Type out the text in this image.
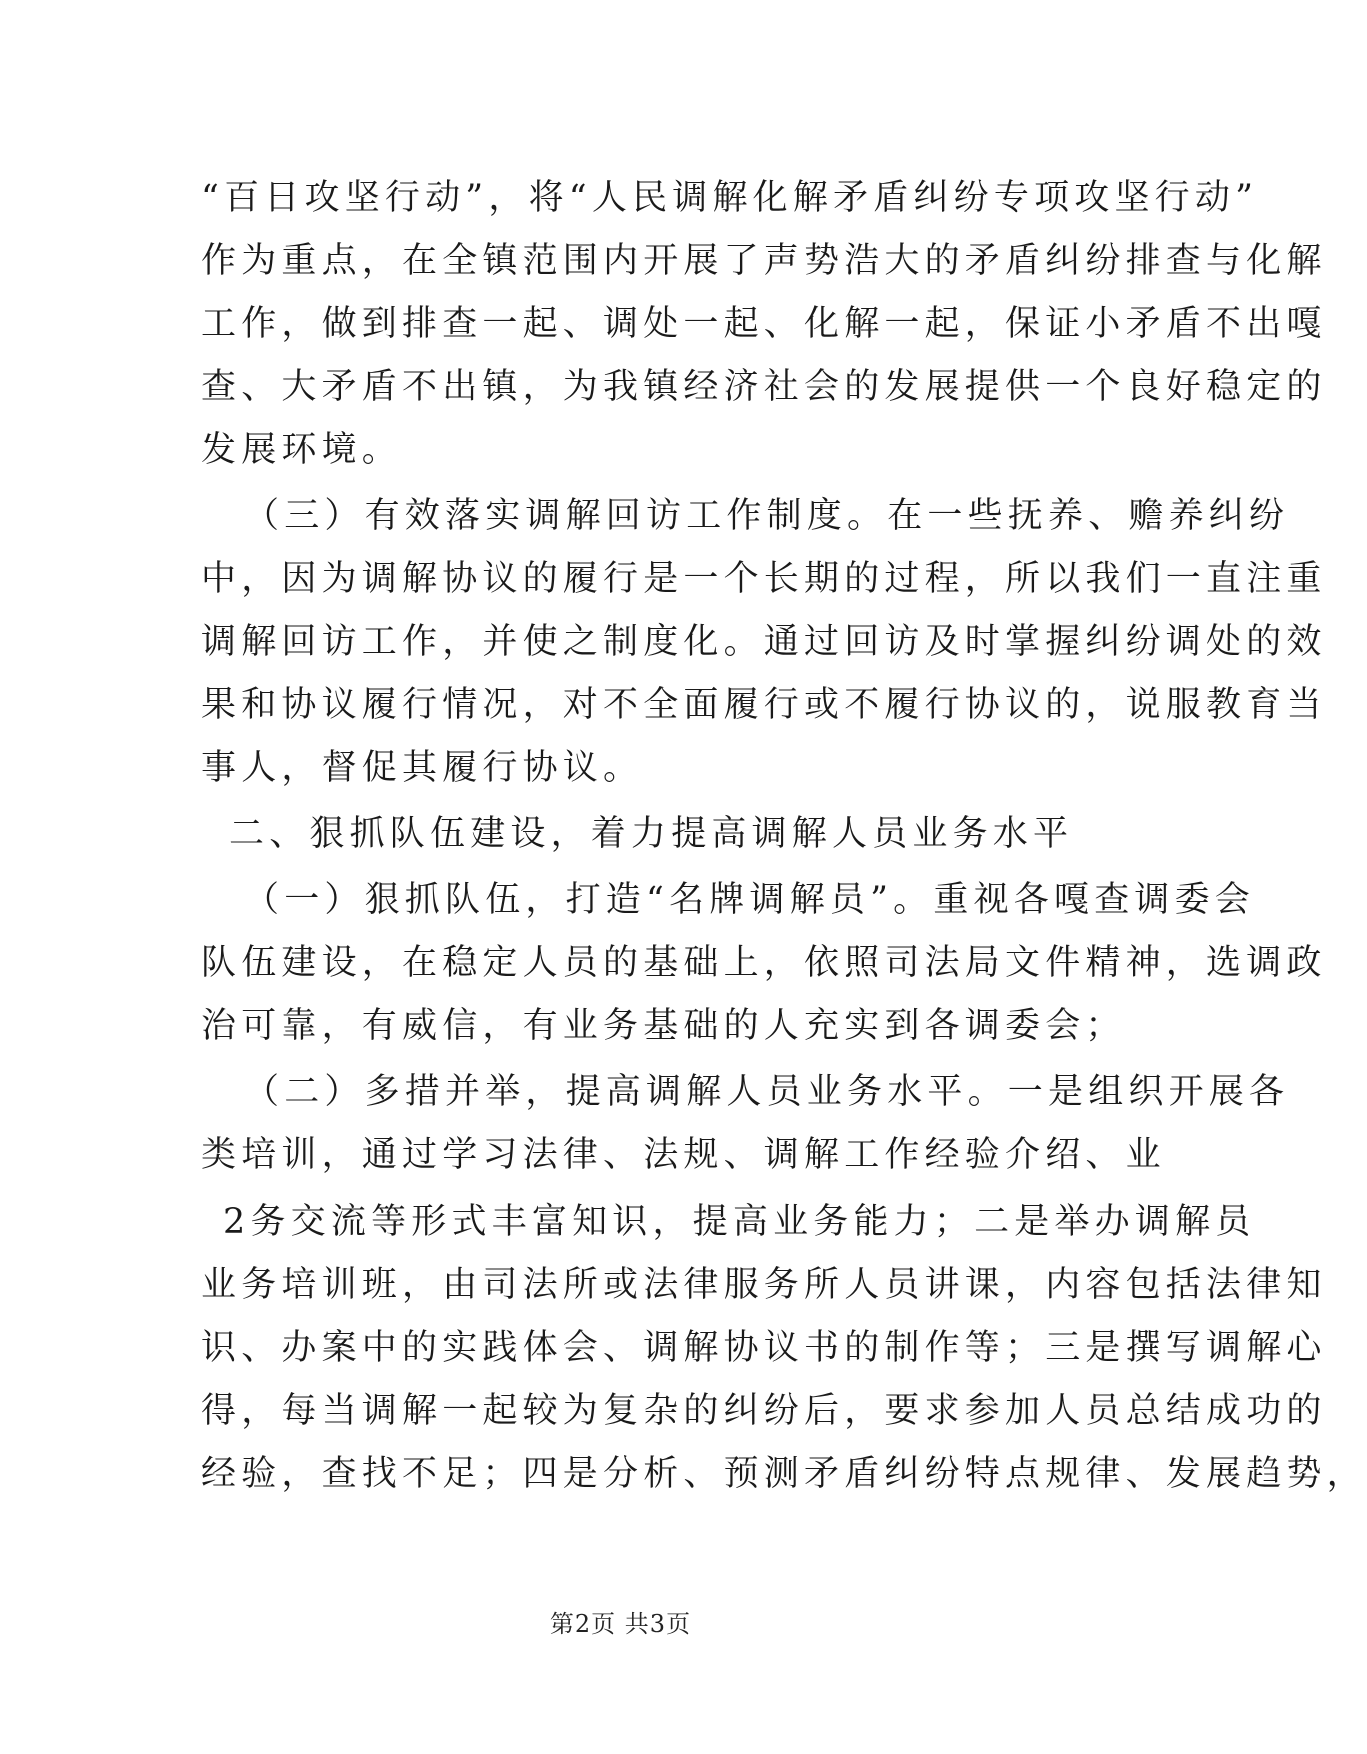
“百日攻坚行动”，将“人民调解化解矛盾纠纷专项攻坚行动”
作为重点，在全镇范围内开展了声势浩大的矛盾纠纷排查与化解
工作，做到排查一起、调处一起、化解一起，保证小矛盾不出嘎
查、大矛盾不出镇，为我镇经济社会的发展提供一个良好稳定的
发展环境。
（三）有效落实调解回访工作制度。在一些抚养、赡养纠纷
中，因为调解协议的履行是一个长期的过程，所以我们一直注重
调解回访工作，并使之制度化。通过回访及时掌握纠纷调处的效
果和协议履行情况，对不全面履行或不履行协议的，说服教育当
事人，督促其履行协议。
二、狠抓队伍建设，着力提高调解人员业务水平
（一）狠抓队伍，打造“名牌调解员”。重视各嘎查调委会
队伍建设，在稳定人员的基础上，依照司法局文件精神，选调政
治可靠，有威信，有业务基础的人充实到各调委会；
（二）多措并举，提高调解人员业务水平。一是组织开展各
类培训，通过学习法律、法规、调解工作经验介绍、业
2务交流等形式丰富知识，提高业务能力；二是举办调解员
业务培训班，由司法所或法律服务所人员讲课，内容包括法律知
识、办案中的实践体会、调解协议书的制作等；三是撰写调解心
得，每当调解一起较为复杂的纠纷后，要求参加人员总结成功的
经验，查找不足；四是分析、预测矛盾纠纷特点规律、发展趋势，
第2页 共3页
